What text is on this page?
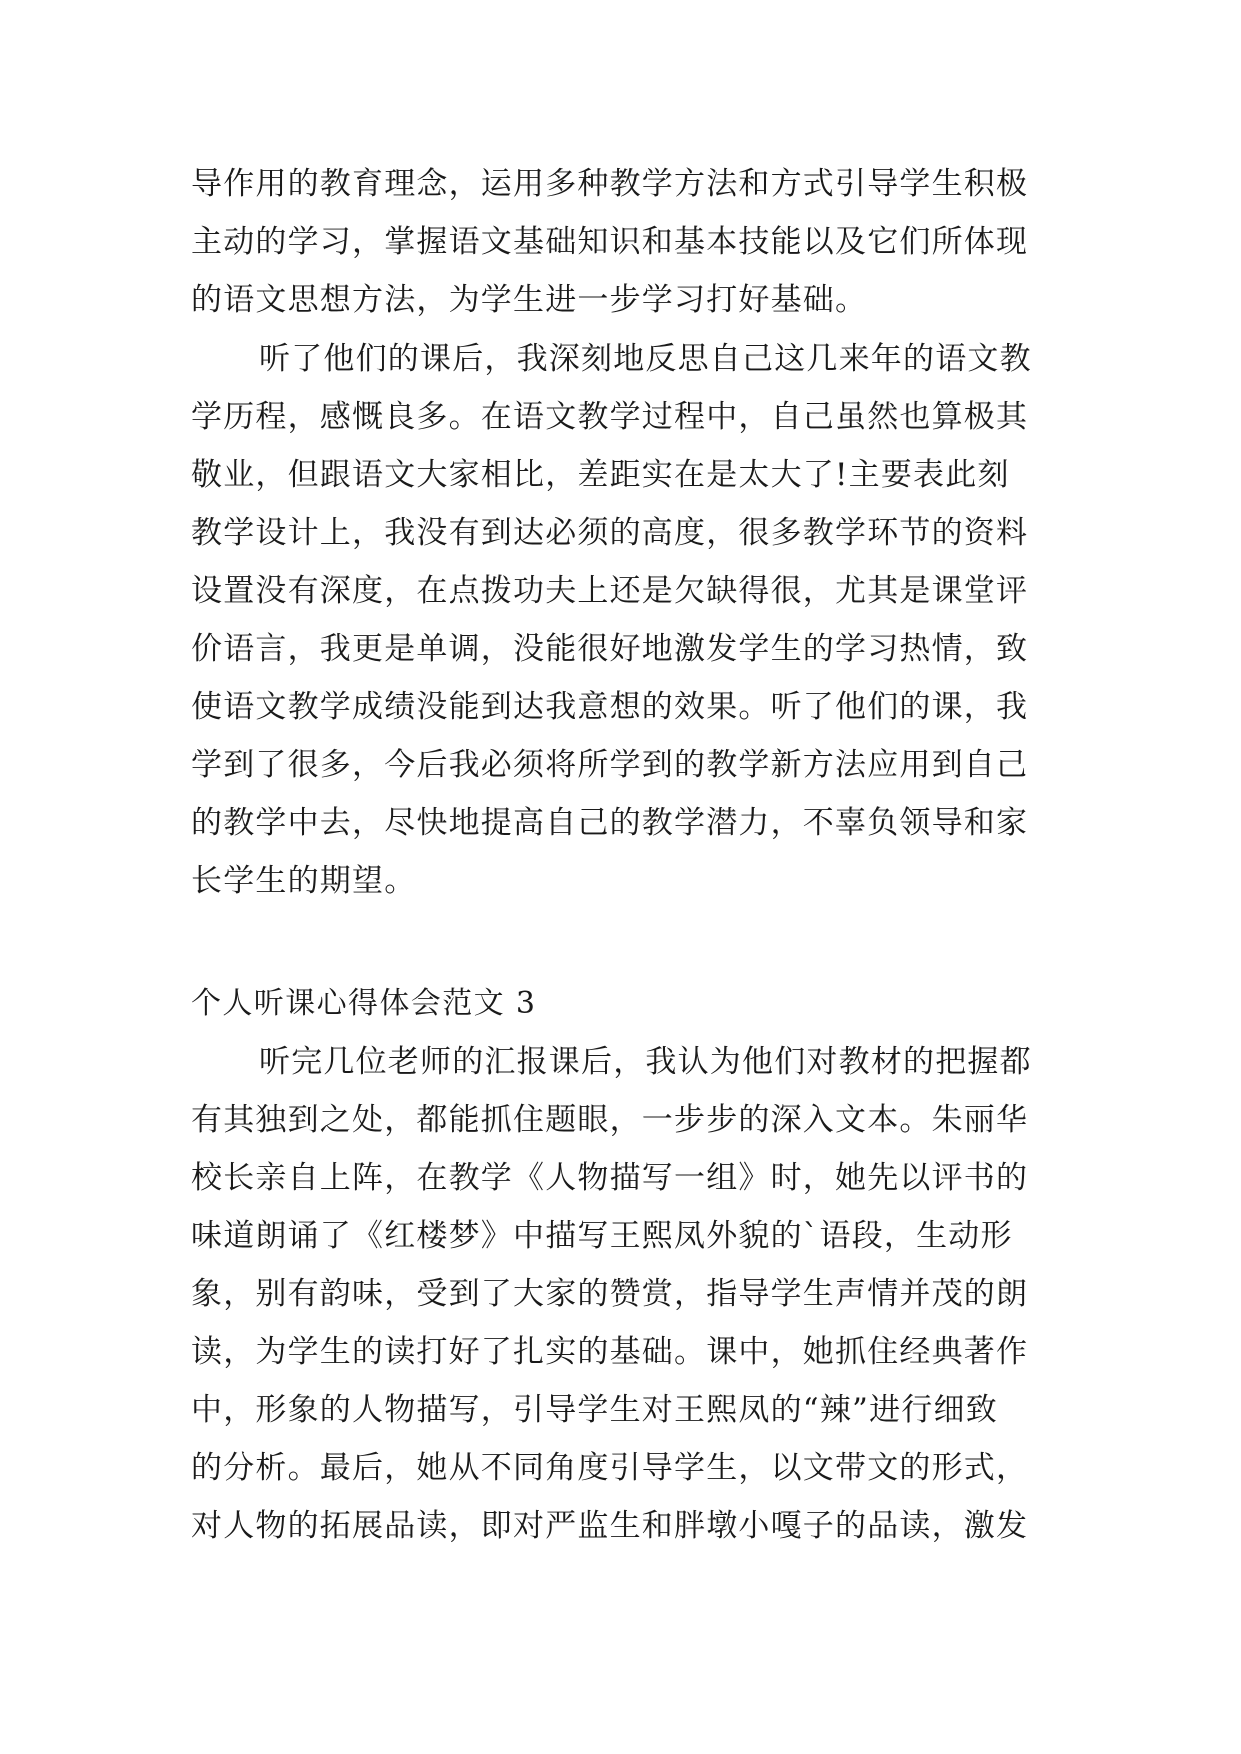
导作用的教育理念，运用多种教学方法和方式引导学生积极
主动的学习，掌握语文基础知识和基本技能以及它们所体现
的语文思想方法，为学生进一步学习打好基础。
听了他们的课后，我深刻地反思自己这几来年的语文教
学历程，感慨良多。在语文教学过程中，自己虽然也算极其
敬业，但跟语文大家相比，差距实在是太大了!主要表此刻
教学设计上，我没有到达必须的高度，很多教学环节的资料
设置没有深度，在点拨功夫上还是欠缺得很，尤其是课堂评
价语言，我更是单调，没能很好地激发学生的学习热情，致
使语文教学成绩没能到达我意想的效果。听了他们的课，我
学到了很多，今后我必须将所学到的教学新方法应用到自己
的教学中去，尽快地提高自己的教学潜力，不辜负领导和家
长学生的期望。
个人听课心得体会范文 3
听完几位老师的汇报课后，我认为他们对教材的把握都
有其独到之处，都能抓住题眼，一步步的深入文本。朱丽华
校长亲自上阵，在教学《人物描写一组》时，她先以评书的
味道朗诵了《红楼梦》中描写王熙凤外貌的`语段，生动形
象，别有韵味，受到了大家的赞赏，指导学生声情并茂的朗
读，为学生的读打好了扎实的基础。课中，她抓住经典著作
中，形象的人物描写，引导学生对王熙凤的“辣”进行细致
的分析。最后，她从不同角度引导学生，以文带文的形式，
对人物的拓展品读，即对严监生和胖墩小嘎子的品读，激发
